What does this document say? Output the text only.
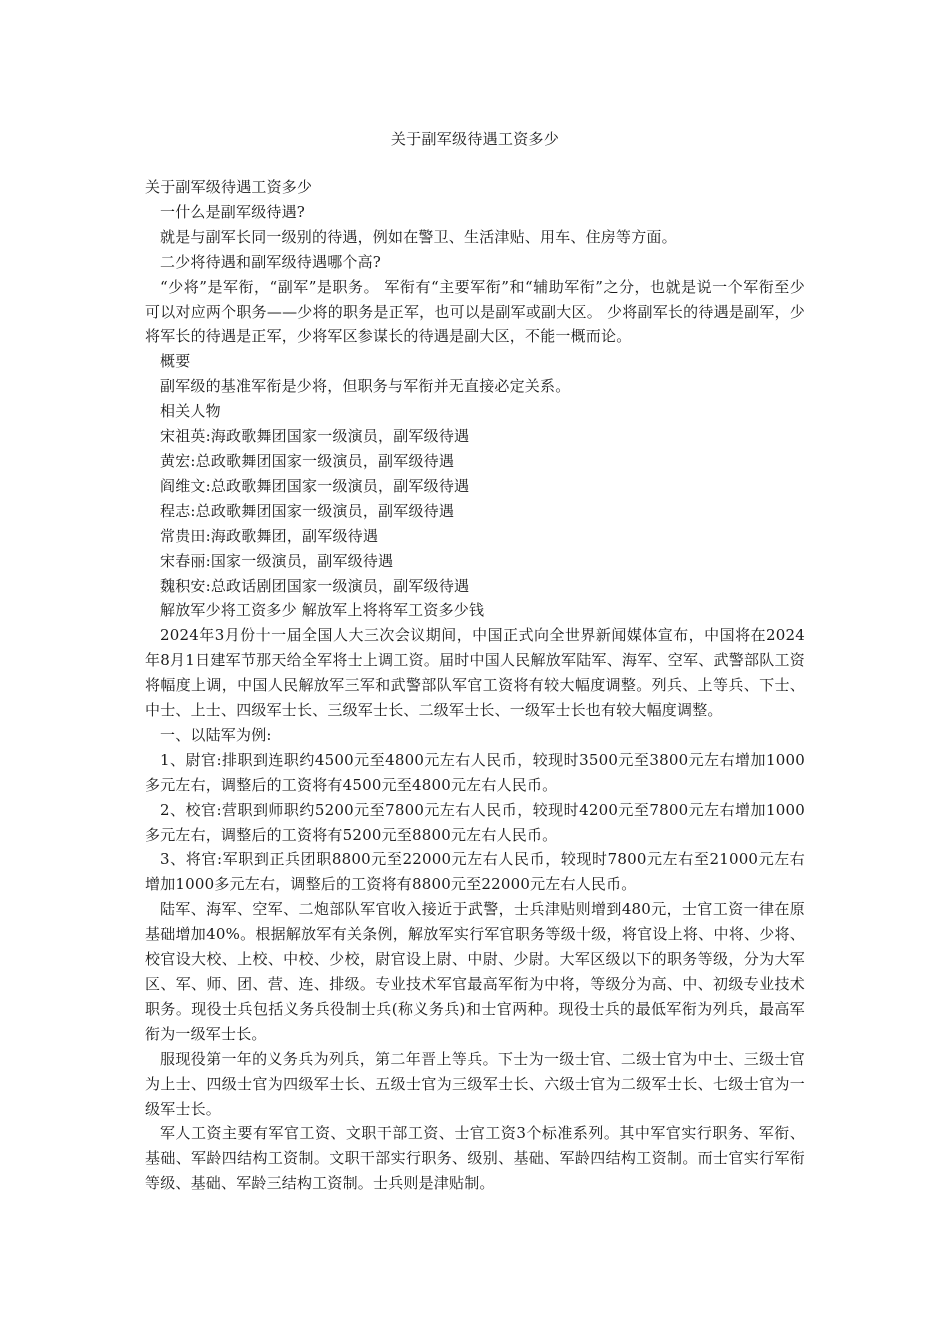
关于副军级待遇工资多少

关于副军级待遇工资多少

一什么是副军级待遇?

就是与副军长同一级别的待遇，例如在警卫、生活津贴、用车、住房等方面。

二少将待遇和副军级待遇哪个高?

“少将”是军衔，“副军”是职务。 军衔有“主要军衔”和“辅助军衔”之分，也就是说一个军衔至少可以对应两个职务——少将的职务是正军，也可以是副军或副大区。 少将副军长的待遇是副军，少将军长的待遇是正军，少将军区参谋长的待遇是副大区，不能一概而论。

概要

副军级的基准军衔是少将，但职务与军衔并无直接必定关系。

相关人物

宋祖英:海政歌舞团国家一级演员，副军级待遇

黄宏:总政歌舞团国家一级演员，副军级待遇

阎维文:总政歌舞团国家一级演员，副军级待遇

程志:总政歌舞团国家一级演员，副军级待遇

常贵田:海政歌舞团，副军级待遇

宋春丽:国家一级演员，副军级待遇

魏积安:总政话剧团国家一级演员，副军级待遇

解放军少将工资多少 解放军上将将军工资多少钱

2024年3月份十一届全国人大三次会议期间，中国正式向全世界新闻媒体宣布，中国将在2024年8月1日建军节那天给全军将士上调工资。届时中国人民解放军陆军、海军、空军、武警部队工资将幅度上调，中国人民解放军三军和武警部队军官工资将有较大幅度调整。列兵、上等兵、下士、中士、上士、四级军士长、三级军士长、二级军士长、一级军士长也有较大幅度调整。

一、以陆军为例:

1、尉官:排职到连职约4500元至4800元左右人民币，较现时3500元至3800元左右增加1000多元左右，调整后的工资将有4500元至4800元左右人民币。

2、校官:营职到师职约5200元至7800元左右人民币，较现时4200元至7800元左右增加1000多元左右，调整后的工资将有5200元至8800元左右人民币。

3、将官:军职到正兵团职8800元至22000元左右人民币，较现时7800元左右至21000元左右增加1000多元左右，调整后的工资将有8800元至22000元左右人民币。

陆军、海军、空军、二炮部队军官收入接近于武警，士兵津贴则增到480元，士官工资一律在原基础增加40%。根据解放军有关条例，解放军实行军官职务等级十级，将官设上将、中将、少将、校官设大校、上校、中校、少校，尉官设上尉、中尉、少尉。大军区级以下的职务等级，分为大军区、军、师、团、营、连、排级。专业技术军官最高军衔为中将，等级分为高、中、初级专业技术职务。现役士兵包括义务兵役制士兵(称义务兵)和士官两种。现役士兵的最低军衔为列兵，最高军衔为一级军士长。

服现役第一年的义务兵为列兵，第二年晋上等兵。下士为一级士官、二级士官为中士、三级士官为上士、四级士官为四级军士长、五级士官为三级军士长、六级士官为二级军士长、七级士官为一级军士长。

军人工资主要有军官工资、文职干部工资、士官工资3个标准系列。其中军官实行职务、军衔、基础、军龄四结构工资制。文职干部实行职务、级别、基础、军龄四结构工资制。而士官实行军衔等级、基础、军龄三结构工资制。士兵则是津贴制。
